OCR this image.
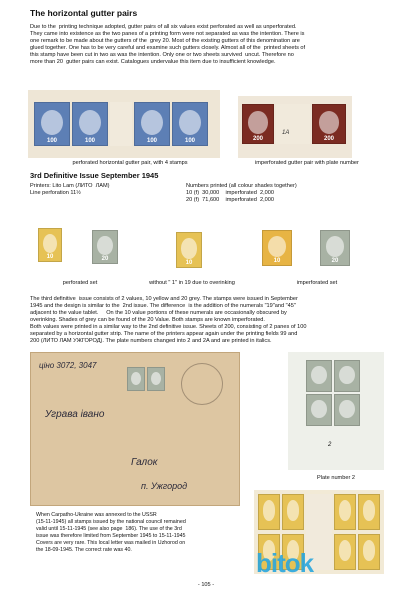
The horizontal gutter pairs
Due to the  printing technique adopted, gutter pairs of all six values exist perforated as well as unperforated.
They came into existence as the two panes of a printing form were not separated as was the intention. There is
one remark to be made about the gutters of the  grey 20. Most of the existing gutters of this denomination are
glued together. One has to be very careful and examine such gutters closely. Almost all of the  printed sheets of
this stamp have been cut in two as was the intention. Only one or two sheets survived  uncut. Therefore no
more than 20  gutter pairs can exist. Catalogues undervalue this item due to insufficient knowledge.
100	100	100	100	200
1A
200
perforated horizontal gutter pair, with 4 stamps	imperforated gutter pair with plate number
3rd Definitive Issue September 1945
Printers: Lito Lam (ЛИТО  ЛАМ)
Line perforation 11½
Numbers printed (all colour shades together)
10 (f)  30,000    imperforated  2,000
20 (f)  71,600    imperforated  2,000
10	20
10	10	20
perforated set	without " 1" in 19 due to overinking	imperforated set
The third definitive  issue consists of 2 values, 10 yellow and 20 grey. The stamps were issued in September
1945 and the design is similar to the  2nd issue. The difference  is the addition of the numerals "19"and "45"
adjacent to the value tablet.     On the 10 value portions of these numerals are occasionally obscured by
overinking. Shades of grey can be found of the 20 Value. Both stamps are known imperforated.
Both values were printed in a similar way to the 2nd definitive issue. Sheets of 200, consisting of 2 panes of 100
separated by a horizontal gutter strip. The name of the printers appear again under the printing fields 99 and
200 (ЛИТО ЛАМ УЖГОРОД). The plate numbers changed into 2 and 2A and are printed in italics.
ціно 3072, 3047
Уграва івано
Галок
п. Ужгород
2
Plate number 2
When Carpatho-Ukraine was annexed to the USSR
(15-11-1945) all stamps issued by the national council remained
valid until 15-11-1945 (see also page  186). The use of the 3rd
issue was therefore limited from September 1945 to 15-11-1945
Covers are very rare. This local letter was mailed in Uzhorod on
the 18-09-1945. The correct rate was 40.	bitok
- 105 -
